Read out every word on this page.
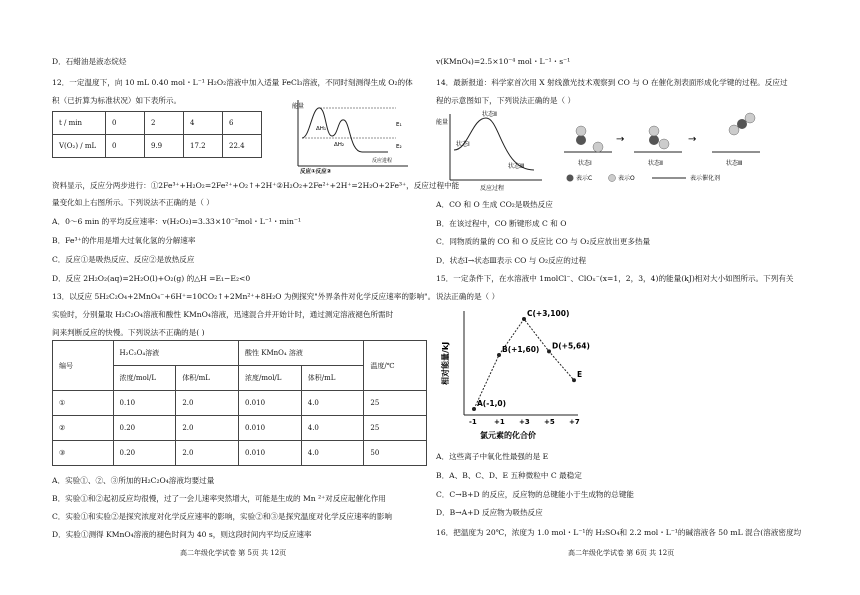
D．石蜡油是液态烷烃
12．一定温度下，向 10 mL 0.40 mol・L⁻¹ H₂O₂溶液中加入适量 FeCl₃溶液，不同时刻测得生成 O₂的体
积（已折算为标准状况）如下表所示。
t / min	0	2	4	6
V(O₂) / mL	0	9.9	17.2	22.4
能量
ΔH₁
ΔH₂
E₁
E₂
反应①反应②
反应进程
资料显示，反应分两步进行：①2Fe³⁺+H₂O₂=2Fe²⁺+O₂↑+2H⁺②H₂O₂+2Fe²⁺+2H⁺=2H₂O+2Fe³⁺，反应过程中能
量变化如上右图所示。下列说法不正确的是（ ）
A．0～6 min 的平均反应速率：v(H₂O₂)=3.33×10⁻²mol・L⁻¹・min⁻¹
B．Fe³⁺的作用是增大过氧化氢的分解速率
C．反应①是吸热反应、反应②是放热反应
D．反应 2H₂O₂(aq)=2H₂O(l)+O₂(g) 的△H =E₁−E₂<0
13．以反应 5H₂C₂O₄+2MnO₄⁻+6H⁺=10CO₂↑+2Mn²⁺+8H₂O 为例探究"外界条件对化学反应速率的影响"。
实验时，分别量取 H₂C₂O₄溶液和酸性 KMnO₄溶液，迅速混合并开始计时，通过测定溶液褪色所需时
间来判断反应的快慢。下列说法不正确的是( )
编号	H₂C₂O₄溶液		酸性 KMnO₄ 溶液		温度/℃
	浓度/mol/L	体积/mL	浓度/mol/L	体积/mL	
①	0.10	2.0	0.010	4.0	25
②	0.20	2.0	0.010	4.0	25
③	0.20	2.0	0.010	4.0	50
A．实验①、②、③所加的H₂C₂O₄溶液均要过量
B．实验①和②起初反应均很慢，过了一会儿速率突然增大，可能是生成的 Mn ²⁺对反应起催化作用
C．实验①和实验②是探究浓度对化学反应速率的影响，实验②和③是探究温度对化学反应速率的影响
D．实验①测得 KMnO₄溶液的褪色时间为 40 s，则这段时间内平均反应速率
高二年级化学试卷 第 5页 共 12页
v(KMnO₄)=2.5×10⁻⁴ mol・L⁻¹・s⁻¹
14．最新报道：科学家首次用 X 射线激光技术观察到 CO 与 O 在催化剂表面形成化学键的过程。反应过
程的示意图如下，下列说法正确的是（ ）
能量
状态Ⅰ
状态Ⅱ
状态Ⅲ
反应过程
状态Ⅰ
→
状态Ⅱ
→
状态Ⅲ
表示C	表示O	表示催化剂
A．CO 和 O 生成 CO₂是吸热反应
B．在该过程中，CO 断键形成 C 和 O
C．同物质的量的 CO 和 O 反应比 CO 与 O₂反应放出更多热量
D．状态Ⅰ→状态Ⅲ表示 CO 与 O₂反应的过程
15．一定条件下，在水溶液中 1molCl⁻、ClOₓ⁻(x=1，2，3，4)的能量(kJ)相对大小如图所示。下列有关
说法正确的是（ ）
相对能量/kJ
-1 +1 +3 +5 +7
A(-1,0)
B(+1,60)
C(+3,100)
D(+5,64)
E
氯元素的化合价
A．这些离子中氧化性最强的是 E
B．A、B、C、D、E 五种微粒中 C 最稳定
C．C→B+D 的反应，反应物的总键能小于生成物的总键能
D．B→A+D 反应物为吸热反应
16．把温度为 20℃，浓度为 1.0 mol・L⁻¹的 H₂SO₄和 2.2 mol・L⁻¹的碱溶液各 50 mL 混合(溶液密度均
高二年级化学试卷 第 6页 共 12页
